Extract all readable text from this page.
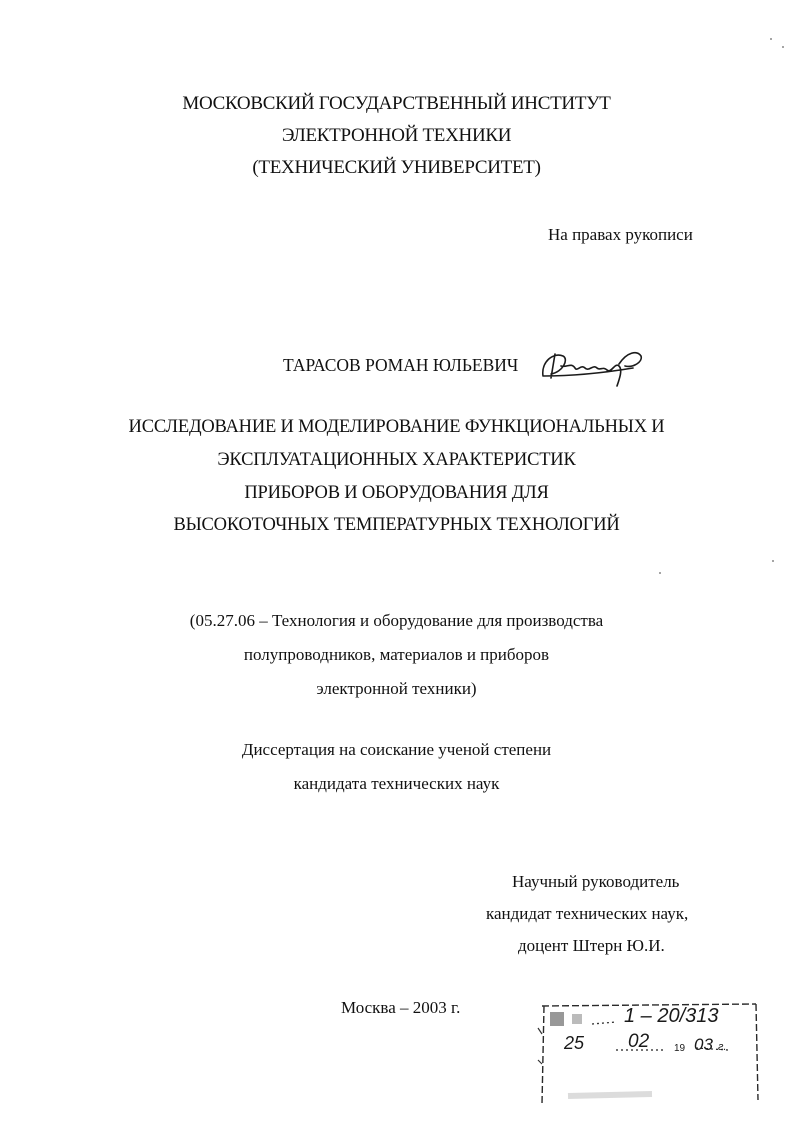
МОСКОВСКИЙ ГОСУДАРСТВЕННЫЙ ИНСТИТУТ
ЭЛЕКТРОННОЙ ТЕХНИКИ
(ТЕХНИЧЕСКИЙ УНИВЕРСИТЕТ)
На правах рукописи
ТАРАСОВ РОМАН ЮЛЬЕВИЧ
ИССЛЕДОВАНИЕ И МОДЕЛИРОВАНИЕ ФУНКЦИОНАЛЬНЫХ И
ЭКСПЛУАТАЦИОННЫХ ХАРАКТЕРИСТИК
ПРИБОРОВ И ОБОРУДОВАНИЯ ДЛЯ
ВЫСОКОТОЧНЫХ ТЕМПЕРАТУРНЫХ ТЕХНОЛОГИЙ
(05.27.06 – Технология и оборудование для производства
полупроводников, материалов и приборов
электронной техники)
Диссертация на соискание ученой степени
кандидата технических наук
Научный руководитель
кандидат технических наук,
доцент Штерн Ю.И.
Москва – 2003 г.	1 – 20/313
25 02 19 03 г.
